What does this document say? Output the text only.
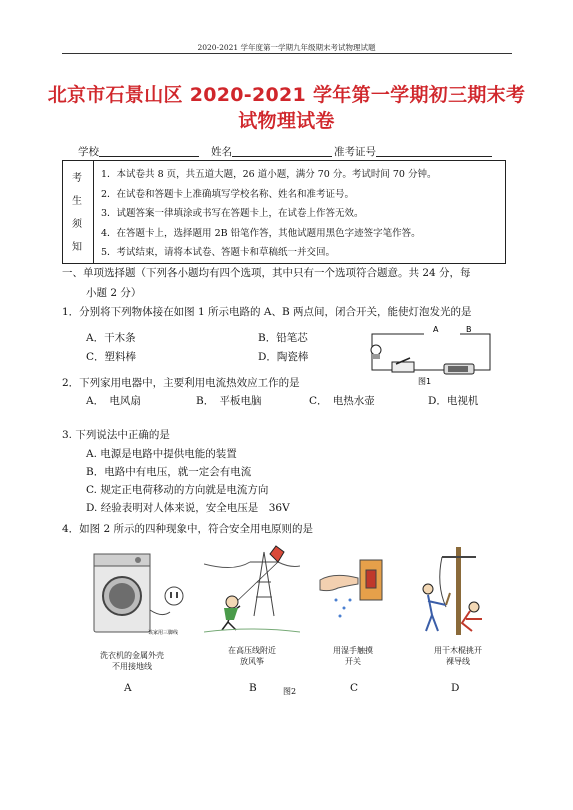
2020-2021 学年度第一学期九年级期末考试物理试题
北京市石景山区 2020-2021 学年第一学期初三期末考
试物理试卷
学校	姓名	准考证号
考
生
须
知
1．本试卷共 8 页，共五道大题，26 道小题，满分 70 分。考试时间 70 分钟。
2．在试卷和答题卡上准确填写学校名称、姓名和准考证号。
3．试题答案一律填涂或书写在答题卡上，在试卷上作答无效。
4．在答题卡上，选择题用 2B 铅笔作答，其他试题用黑色字迹签字笔作答。
5．考试结束，请将本试卷、答题卡和草稿纸一并交回。
一、单项选择题（下列各小题均有四个选项，其中只有一个选项符合题意。共 24 分，每
小题 2 分）
1．分别将下列物体接在如图 1 所示电路的 A、B 两点间，闭合开关，能使灯泡发光的是
A．干木条	B．铅笔芯
C．塑料棒	D．陶瓷棒
A	B
图1
2．下列家用电器中，主要利用电流热效应工作的是
A．　电风扇	B．　平板电脑	C．　电热水壶	D．电视机
3. 下列说法中正确的是
A. 电源是电路中提供电能的装置
B．电路中有电压，就一定会有电流
C. 规定正电荷移动的方向就是电流方向
D. 经验表明对人体来说，安全电压是　36V
4．如图 2 所示的四种现象中，符合安全用电原则的是
该家用三脚线
洗衣机的金属外壳
不用接地线
在高压线附近
放风筝
用湿手触摸
开关
用干木棍挑开
裸导线
A	B	图2	C	D
